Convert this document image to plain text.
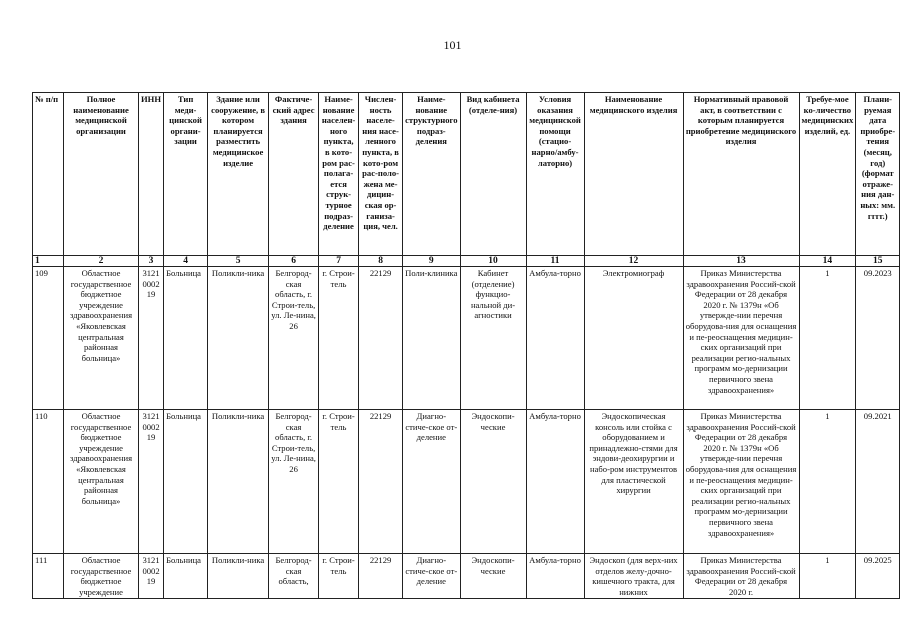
101
№ п/п	Полное наименование медицинской организации	ИНН	Тип меди-цинской органи-зации	Здание или сооружение, в котором планируется разместить медицинское изделие	Фактиче-ский адрес здания	Наиме-нование населен-ного пункта, в кото-ром рас-полага-ется струк-турное подраз-деление	Числен-ность населе-ния насе-ленного пункта, в кото-ром рас-поло-жена ме-дицин-ская ор-ганиза-ция, чел.	Наиме-нование структурного подраз-деления	Вид кабинета (отделе-ния)	Условия оказания медицинской помощи (стацио-нарно/амбу-латорно)	Наименование медицинского изделия	Нормативный правовой акт, в соответствии с которым планируется приобретение медицинского изделия	Требуе-мое ко-личество медицинских изделий, ед.	Плани-руемая дата приобре-тения (месяц, год) (формат отраже-ния дан-ных: мм. гггг.)
1	2	3	4	5	6	7	8	9	10	11	12	13	14	15
109	Областное государственное бюджетное учреждение здравоохранения «Яковлевская центральная районная больница»	3121000219	Больница	Поликли-ника	Белгород-ская область, г. Строи-тель, ул. Ле-нина, 26	г. Строи-тель	22129	Поли-клиника	Кабинет (отделение) функцио-нальной ди-агностики	Амбула-торно	Электромиограф	Приказ Министерства здравоохранения Россий-ской Федерации от 28 декабря 2020 г. № 1379н «Об утвержде-нии перечня оборудова-ния для оснащения и пе-реоснащения медицин-ских организаций при реализации регио-нальных программ мо-дернизации первичного звена здравоохранения»	1	09.2023
110	Областное государственное бюджетное учреждение здравоохранения «Яковлевская центральная районная больница»	3121000219	Больница	Поликли-ника	Белгород-ская область, г. Строи-тель, ул. Ле-нина, 26	г. Строи-тель	22129	Диагно-стиче-ское от-деление	Эндоскопи-ческие	Амбула-торно	Эндоскопическая консоль или стойка с оборудованием и принадлежно-стями для эндови-деохирургии и набо-ром инструментов для пластической хирургии	Приказ Министерства здравоохранения Россий-ской Федерации от 28 декабря 2020 г. № 1379н «Об утвержде-нии перечня оборудова-ния для оснащения и пе-реоснащения медицин-ских организаций при реализации регио-нальных программ мо-дернизации первичного звена здравоохранения»	1	09.2021
111	Областное государственное бюджетное учреждение	3121000219	Больница	Поликли-ника	Белгород-ская область,	г. Строи-тель	22129	Диагно-стиче-ское от-деление	Эндоскопи-ческие	Амбула-торно	Эндоскоп (для верх-них отделов желу-дочно-кишечного тракта, для нижних	Приказ Министерства здравоохранения Россий-ской Федерации от 28 декабря 2020 г.	1	09.2025
